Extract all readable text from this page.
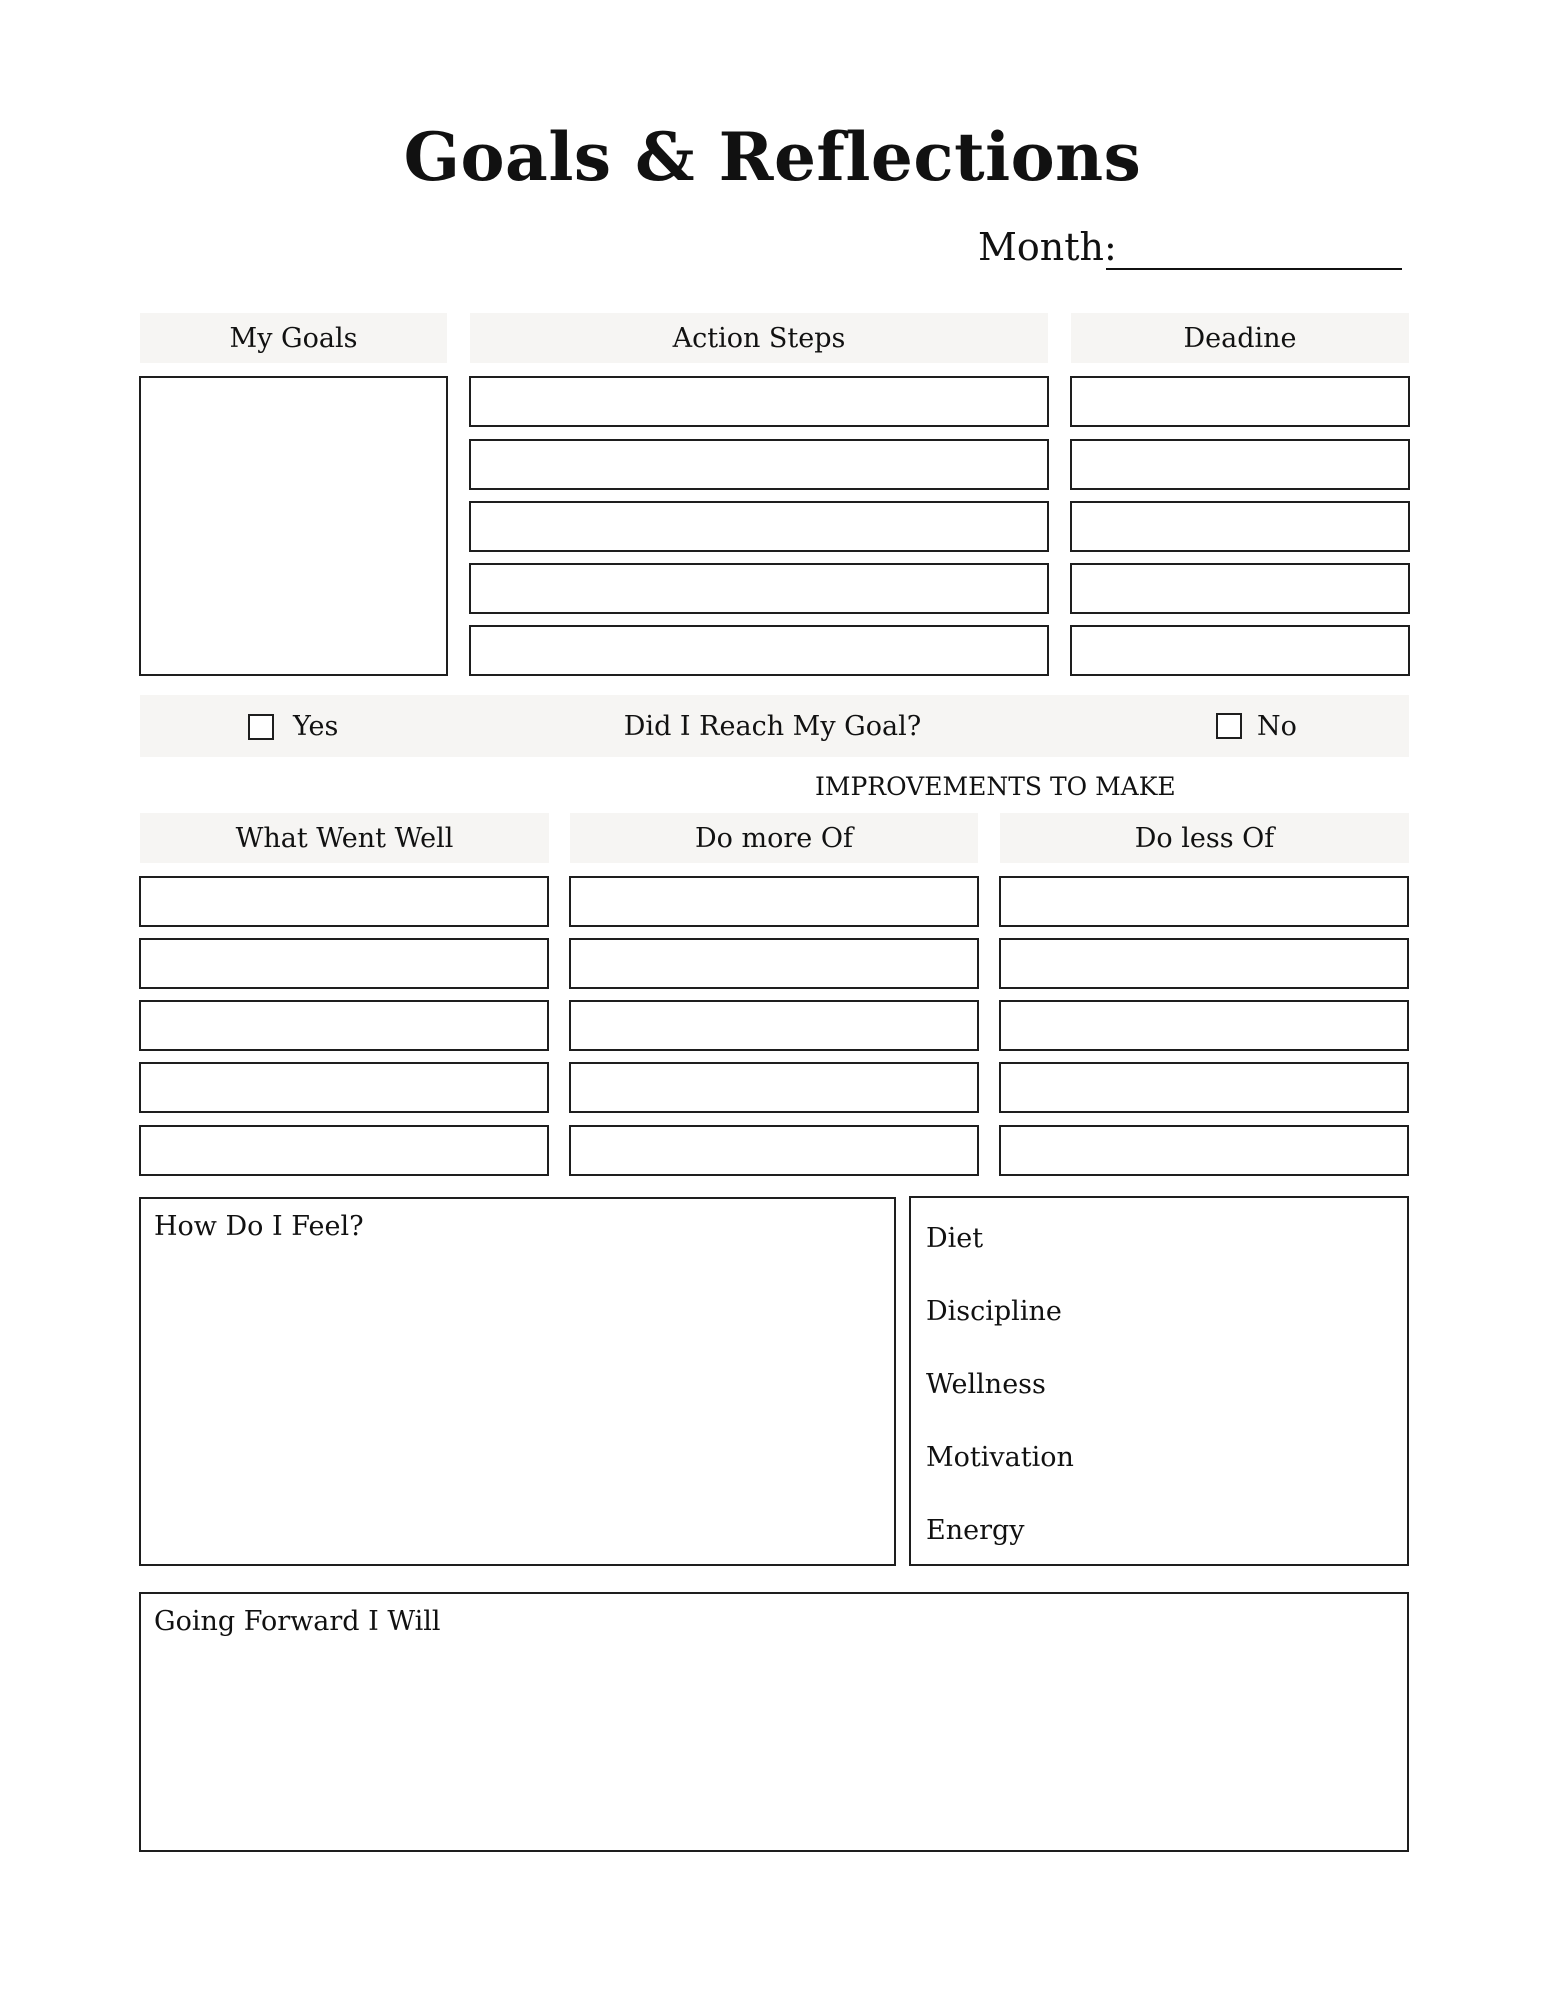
Goals & Reflections
Month:
My Goals	Action Steps	Deadine
Yes	Did I Reach My Goal?	No
IMPROVEMENTS TO MAKE
What Went Well	Do more Of	Do less Of
How Do I Feel?	Diet
Discipline
Wellness
Motivation
Energy
Going Forward I Will
